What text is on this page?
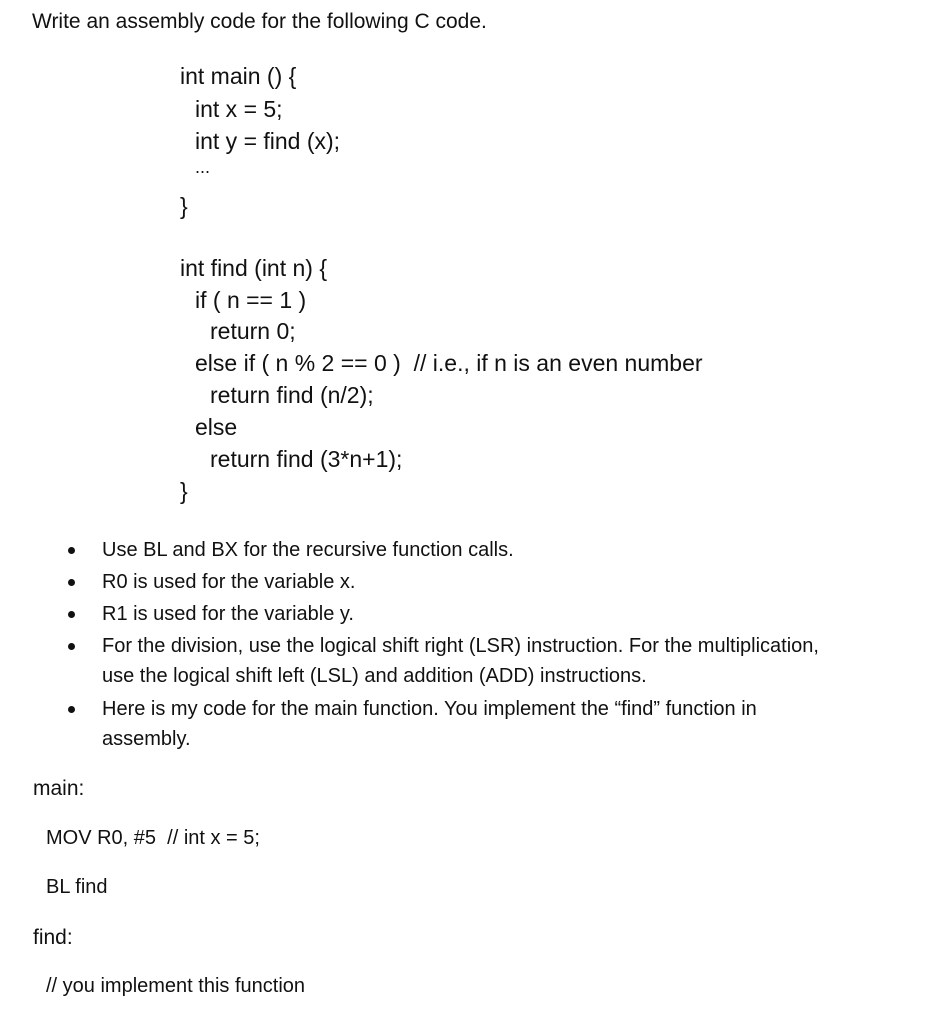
Write an assembly code for the following C code.
int main () {
int x = 5;
int y = find (x);
...
}
int find (int n) {
if ( n == 1 )
return 0;
else if ( n % 2 == 0 )  // i.e., if n is an even number
return find (n/2);
else
return find (3*n+1);
}
Use BL and BX for the recursive function calls.
R0 is used for the variable x.
R1 is used for the variable y.
For the division, use the logical shift right (LSR) instruction. For the multiplication,
use the logical shift left (LSL) and addition (ADD) instructions.
Here is my code for the main function. You implement the “find” function in
assembly.
main:
MOV R0, #5  // int x = 5;
BL find
find:
// you implement this function
